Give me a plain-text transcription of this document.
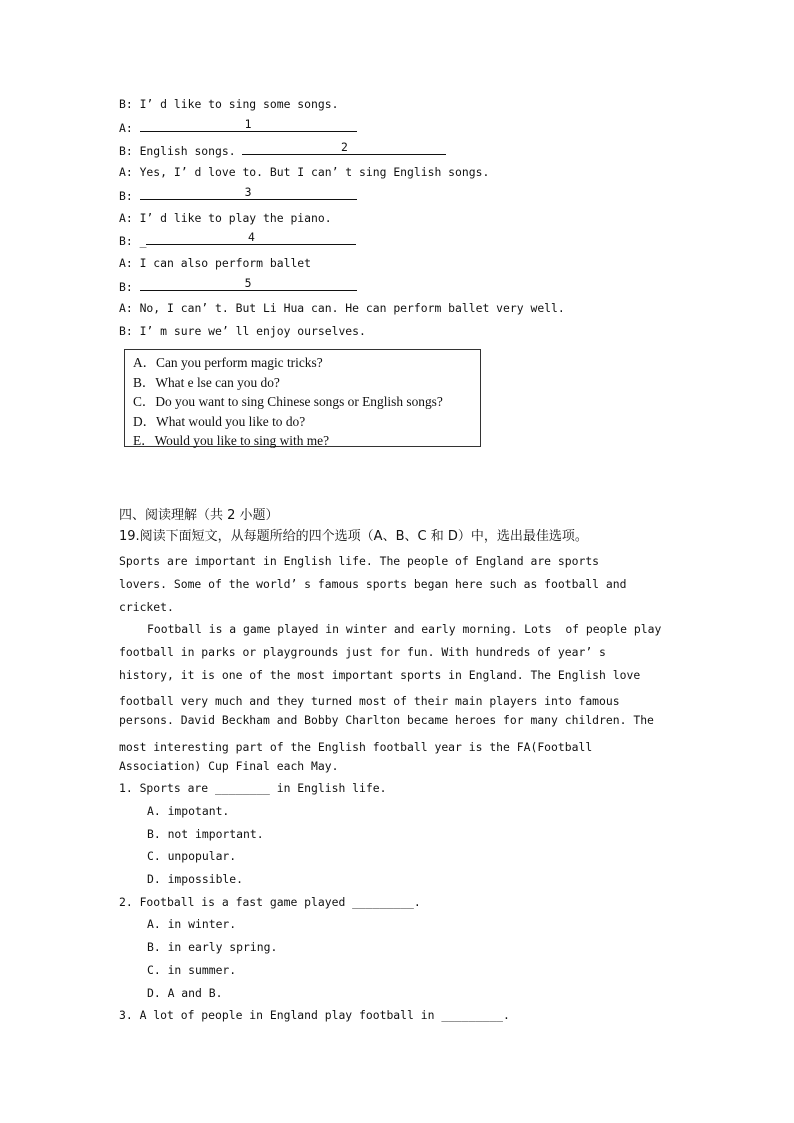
B: I’ d like to sing some songs.
A:	1
B: English songs.	2
A: Yes, I’ d love to. But I can’ t sing English songs.
B:	3
A: I’ d like to play the piano.
B: _	4
A: I can also perform ballet
B:	5
A: No, I can’ t. But Li Hua can. He can perform ballet very well.
B: I’ m sure we’ ll enjoy ourselves.
A．Can you perform magic tricks?
B．What e lse can you do?
C．Do you want to sing Chinese songs or English songs?
D．What would you like to do?
E．Would you like to sing with me?
四、阅读理解（共 2 小题）
19.阅读下面短文，从每题所给的四个选项（A、B、C 和 D）中，选出最佳选项。
Sports are important in English life. The people of England are sports
lovers. Some of the world’ s famous sports began here such as football and
cricket.
Football is a game played in winter and early morning. Lots  of people play
football in parks or playgrounds just for fun. With hundreds of year’ s
history, it is one of the most important sports in England. The English love
football very much and they turned most of their main players into famous
persons. David Beckham and Bobby Charlton became heroes for many children. The
most interesting part of the English football year is the FA(Football
Association) Cup Final each May.
1. Sports are ________ in English life.
A. impotant.
B. not important.
C. unpopular.
D. impossible.
2. Football is a fast game played _________.
A. in winter.
B. in early spring.
C. in summer.
D. A and B.
3. A lot of people in England play football in _________.
